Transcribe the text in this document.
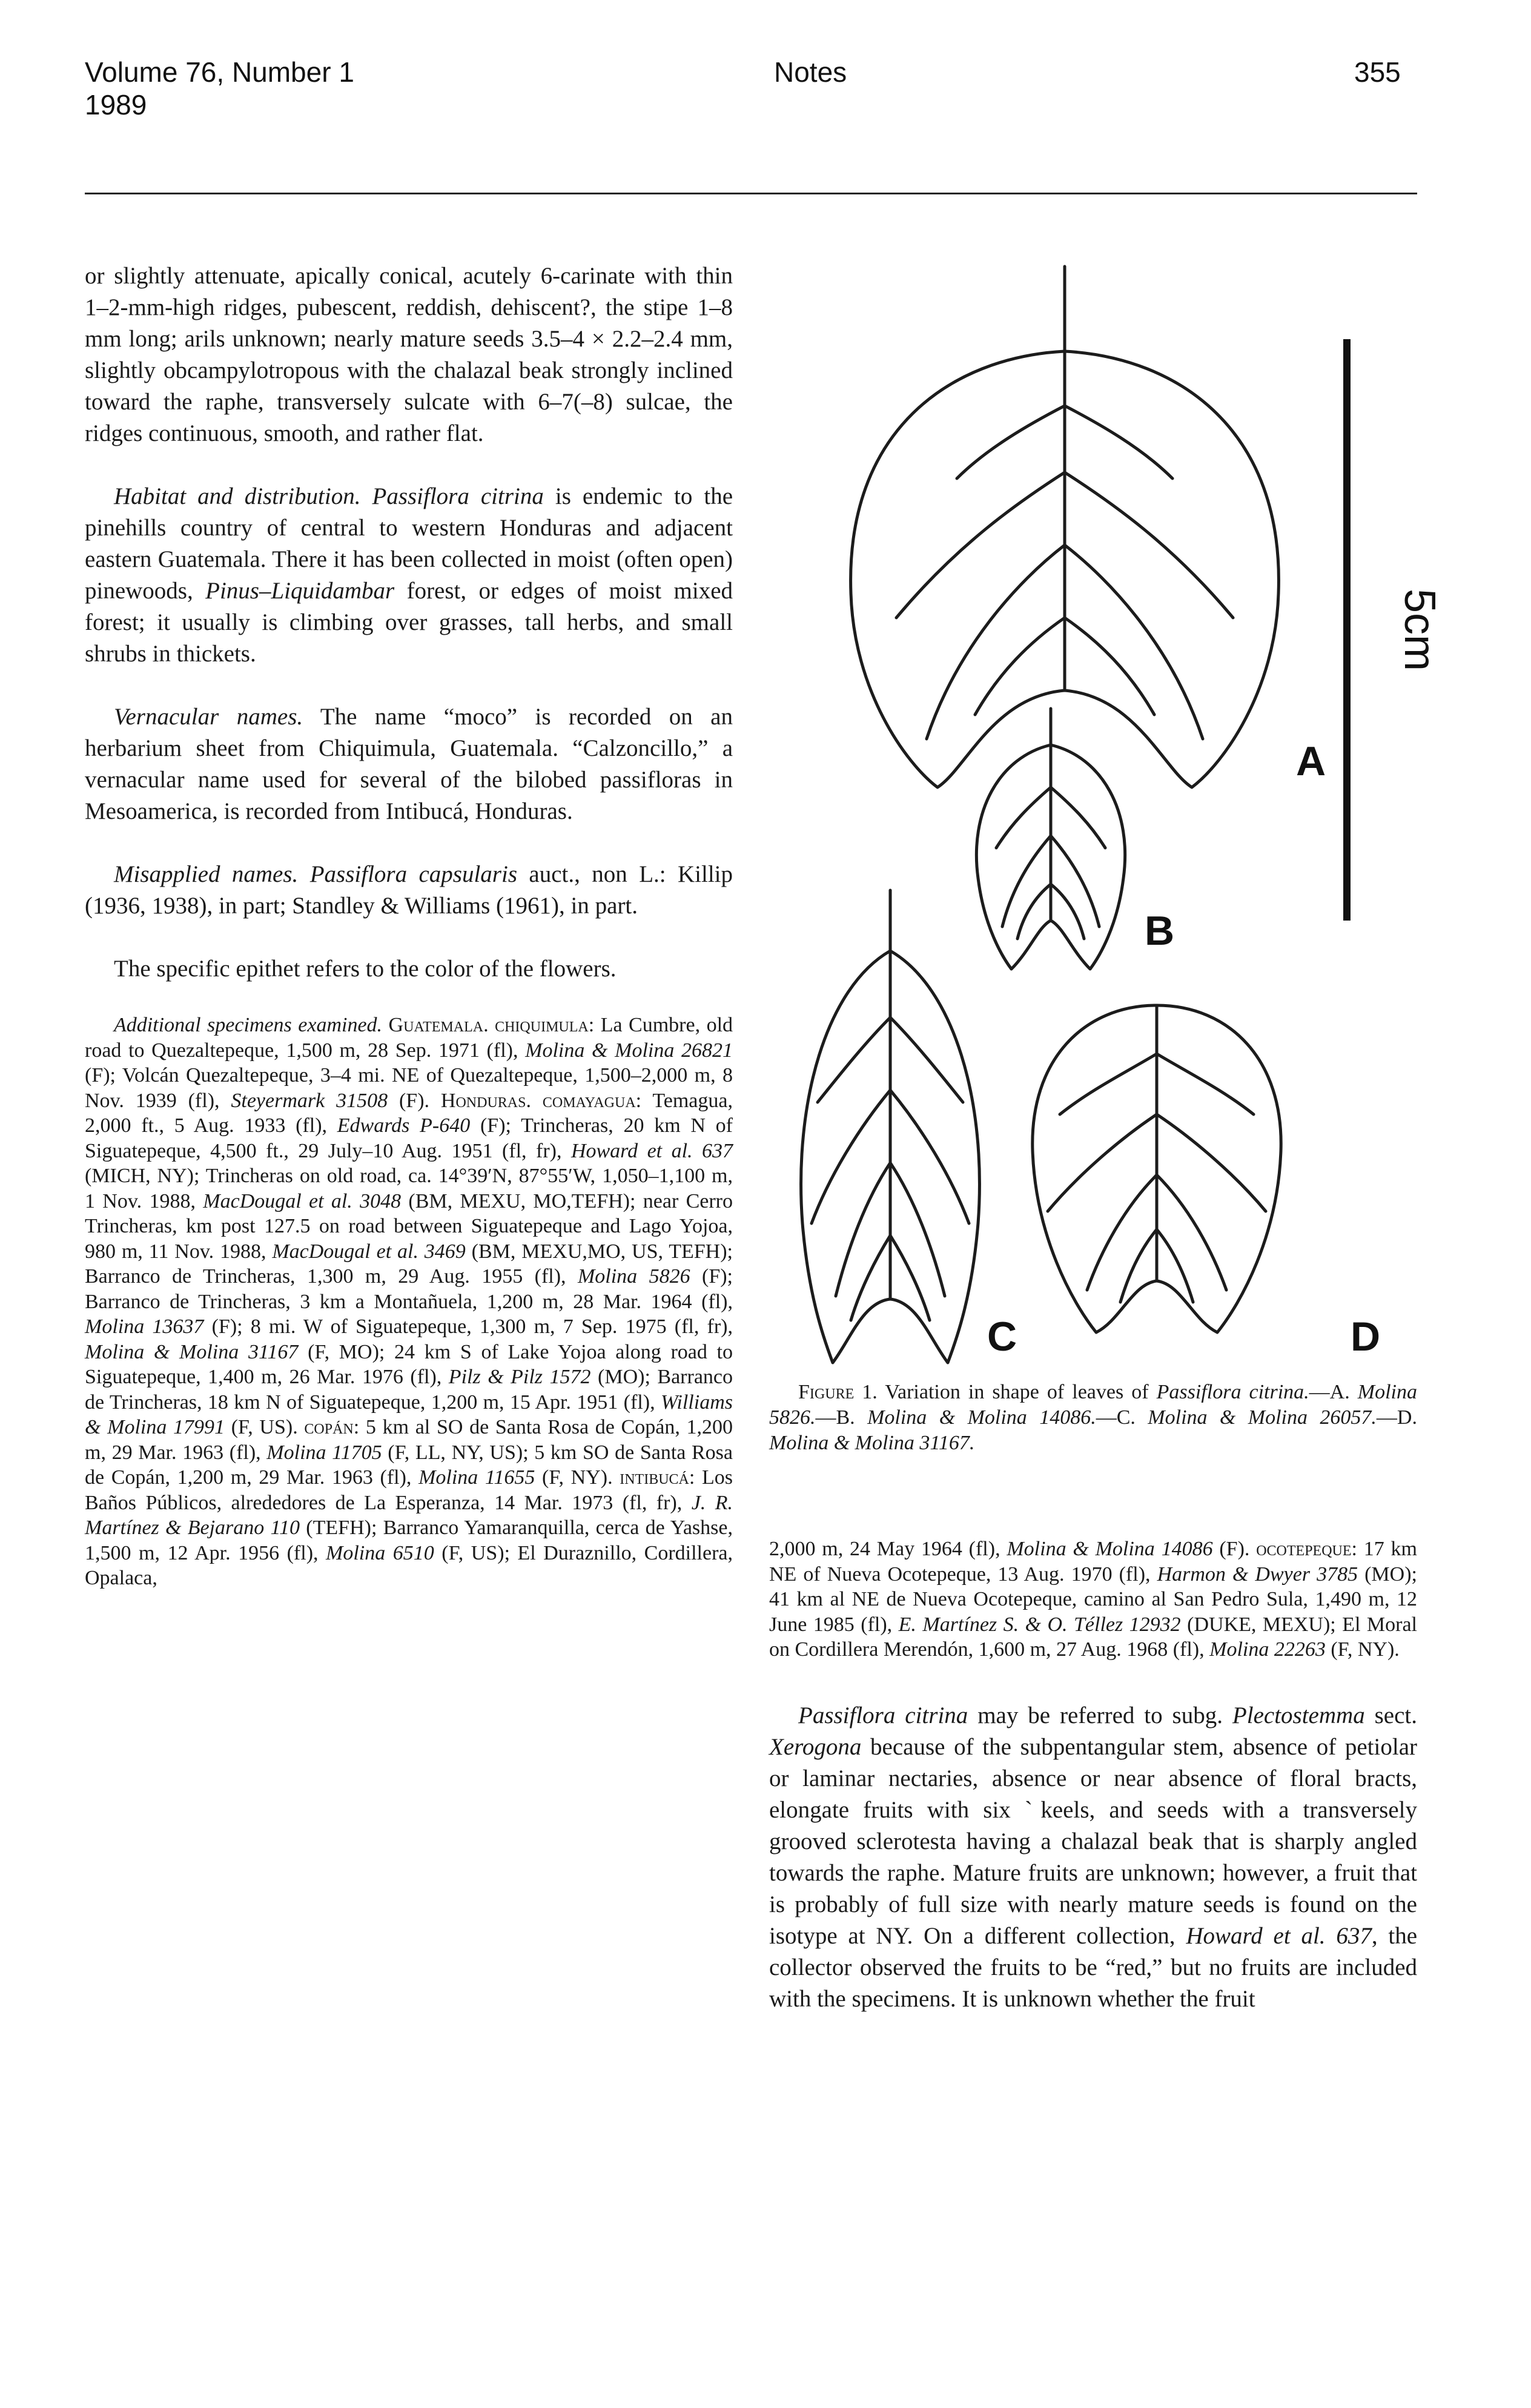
Volume 76, Number 1
1989
Notes	355

or slightly attenuate, apically conical, acutely 6-carinate with thin 1–2-mm-high ridges, pubescent, reddish, dehiscent?, the stipe 1–8 mm long; arils unknown; nearly mature seeds 3.5–4 × 2.2–2.4 mm, slightly obcampylotropous with the chalazal beak strongly inclined toward the raphe, transversely sulcate with 6–7(–8) sulcae, the ridges continuous, smooth, and rather flat.

Habitat and distribution. Passiflora citrina is endemic to the pinehills country of central to western Honduras and adjacent eastern Guatemala. There it has been collected in moist (often open) pinewoods, Pinus–Liquidambar forest, or edges of moist mixed forest; it usually is climbing over grasses, tall herbs, and small shrubs in thickets.

Vernacular names. The name “moco” is recorded on an herbarium sheet from Chiquimula, Guatemala. “Calzoncillo,” a vernacular name used for several of the bilobed passifloras in Mesoamerica, is recorded from Intibucá, Honduras.

Misapplied names. Passiflora capsularis auct., non L.: Killip (1936, 1938), in part; Standley & Williams (1961), in part.

The specific epithet refers to the color of the flowers.

Additional specimens examined. Guatemala. chiquimula: La Cumbre, old road to Quezaltepeque, 1,500 m, 28 Sep. 1971 (fl), Molina & Molina 26821 (F); Volcán Quezaltepeque, 3–4 mi. NE of Quezaltepeque, 1,500–2,000 m, 8 Nov. 1939 (fl), Steyermark 31508 (F). Honduras. comayagua: Temagua, 2,000 ft., 5 Aug. 1933 (fl), Edwards P-640 (F); Trincheras, 20 km N of Siguatepeque, 4,500 ft., 29 July–10 Aug. 1951 (fl, fr), Howard et al. 637 (MICH, NY); Trincheras on old road, ca. 14°39′N, 87°55′W, 1,050–1,100 m, 1 Nov. 1988, MacDougal et al. 3048 (BM, MEXU, MO,TEFH); near Cerro Trincheras, km post 127.5 on road between Siguatepeque and Lago Yojoa, 980 m, 11 Nov. 1988, MacDougal et al. 3469 (BM, MEXU,MO, US, TEFH); Barranco de Trincheras, 1,300 m, 29 Aug. 1955 (fl), Molina 5826 (F); Barranco de Trincheras, 3 km a Montañuela, 1,200 m, 28 Mar. 1964 (fl), Molina 13637 (F); 8 mi. W of Siguatepeque, 1,300 m, 7 Sep. 1975 (fl, fr), Molina & Molina 31167 (F, MO); 24 km S of Lake Yojoa along road to Siguatepeque, 1,400 m, 26 Mar. 1976 (fl), Pilz & Pilz 1572 (MO); Barranco de Trincheras, 18 km N of Siguatepeque, 1,200 m, 15 Apr. 1951 (fl), Williams & Molina 17991 (F, US). copán: 5 km al SO de Santa Rosa de Copán, 1,200 m, 29 Mar. 1963 (fl), Molina 11705 (F, LL, NY, US); 5 km SO de Santa Rosa de Copán, 1,200 m, 29 Mar. 1963 (fl), Molina 11655 (F, NY). intibucá: Los Baños Públicos, alrededores de La Esperanza, 14 Mar. 1973 (fl, fr), J. R. Martínez & Bejarano 110 (TEFH); Barranco Yamaranquilla, cerca de Yashse, 1,500 m, 12 Apr. 1956 (fl), Molina 6510 (F, US); El Duraznillo, Cordillera, Opalaca,

5cm
A
B
C	D
Figure 1. Variation in shape of leaves of Passiflora citrina.—A. Molina 5826.—B. Molina & Molina 14086.—C. Molina & Molina 26057.—D. Molina & Molina 31167.

2,000 m, 24 May 1964 (fl), Molina & Molina 14086 (F). ocotepeque: 17 km NE of Nueva Ocotepeque, 13 Aug. 1970 (fl), Harmon & Dwyer 3785 (MO); 41 km al NE de Nueva Ocotepeque, camino al San Pedro Sula, 1,490 m, 12 June 1985 (fl), E. Martínez S. & O. Téllez 12932 (DUKE, MEXU); El Moral on Cordillera Merendón, 1,600 m, 27 Aug. 1968 (fl), Molina 22263 (F, NY).

Passiflora citrina may be referred to subg. Plectostemma sect. Xerogona because of the subpentangular stem, absence of petiolar or laminar nectaries, absence or near absence of floral bracts, elongate fruits with six ˋkeels, and seeds with a transversely grooved sclerotesta having a chalazal beak that is sharply angled towards the raphe. Mature fruits are unknown; however, a fruit that is probably of full size with nearly mature seeds is found on the isotype at NY. On a different collection, Howard et al. 637, the collector observed the fruits to be “red,” but no fruits are included with the specimens. It is unknown whether the fruit
